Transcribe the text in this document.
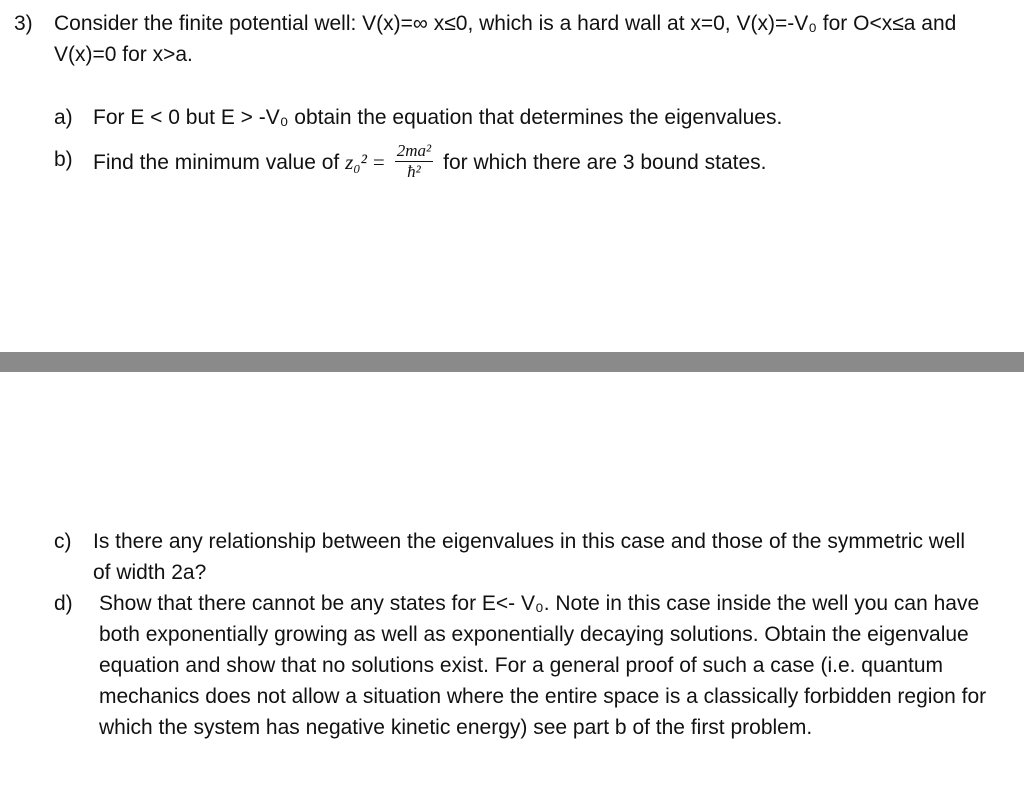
3) Consider the finite potential well: V(x)=∞ x≤0, which is a hard wall at x=0, V(x)=-V₀ for O<x≤a and V(x)=0 for x>a.
a) For E < 0 but E > -V₀ obtain the equation that determines the eigenvalues.
b) Find the minimum value of $z_0^2 = \frac{\text{2ma²}}{\text{ħ²}}$ for which there are 3 bound states.
c) Is there any relationship between the eigenvalues in this case and those of the symmetric well of width 2a?
d) Show that there cannot be any states for E<- V₀. Note in this case inside the well you can have both exponentially growing as well as exponentially decaying solutions. Obtain the eigenvalue equation and show that no solutions exist. For a general proof of such a case (i.e. quantum mechanics does not allow a situation where the entire space is a classically forbidden region for which the system has negative kinetic energy) see part b of the first problem.
